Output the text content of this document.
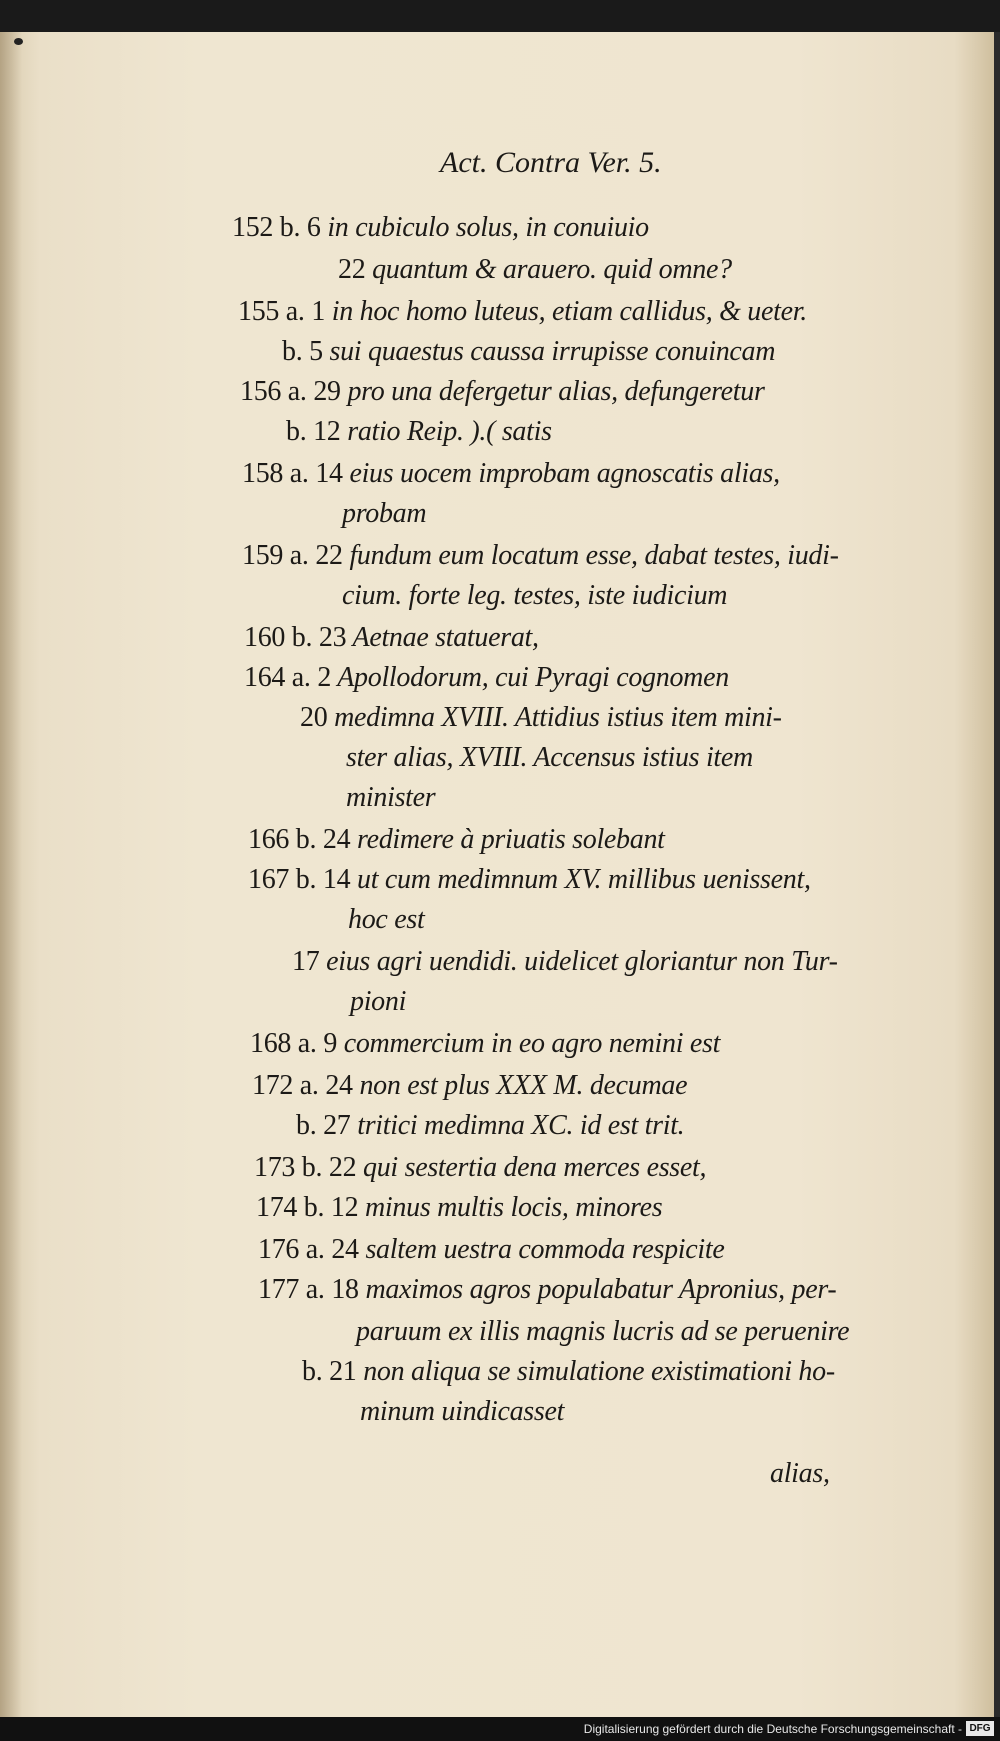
Act. Contra Ver. 5.
152 b. 6 in cubiculo solus, in conuiuio
22 quantum & arauero. quid omne?
155 a. 1 in hoc homo luteus, etiam callidus, & ueter.
b. 5 sui quaestus caussa irrupisse conuincam
156 a. 29 pro una defergetur alias, defungeretur
b. 12 ratio Reip. ).( satis
158 a. 14 eius uocem improbam agnoscatis alias,
probam
159 a. 22 fundum eum locatum esse, dabat testes, iudi-
cium. forte leg. testes, iste iudicium
160 b. 23 Aetnae statuerat,
164 a. 2 Apollodorum, cui Pyragi cognomen
20 medimna XVIII. Attidius istius item mini-
ster alias, XVIII. Accensus istius item
minister
166 b. 24 redimere à priuatis solebant
167 b. 14 ut cum medimnum XV. millibus uenissent,
hoc est
17 eius agri uendidi. uidelicet gloriantur non Tur-
pioni
168 a. 9 commercium in eo agro nemini est
172 a. 24 non est plus XXX M. decumae
b. 27 tritici medimna XC. id est trit.
173 b. 22 qui sestertia dena merces esset,
174 b. 12 minus multis locis, minores
176 a. 24 saltem uestra commoda respicite
177 a. 18 maximos agros populabatur Apronius, per-
paruum ex illis magnis lucris ad se peruenire
b. 21 non aliqua se simulatione existimationi ho-
minum uindicasset
alias,
Digitalisierung gefördert durch die Deutsche Forschungsgemeinschaft - DFG
